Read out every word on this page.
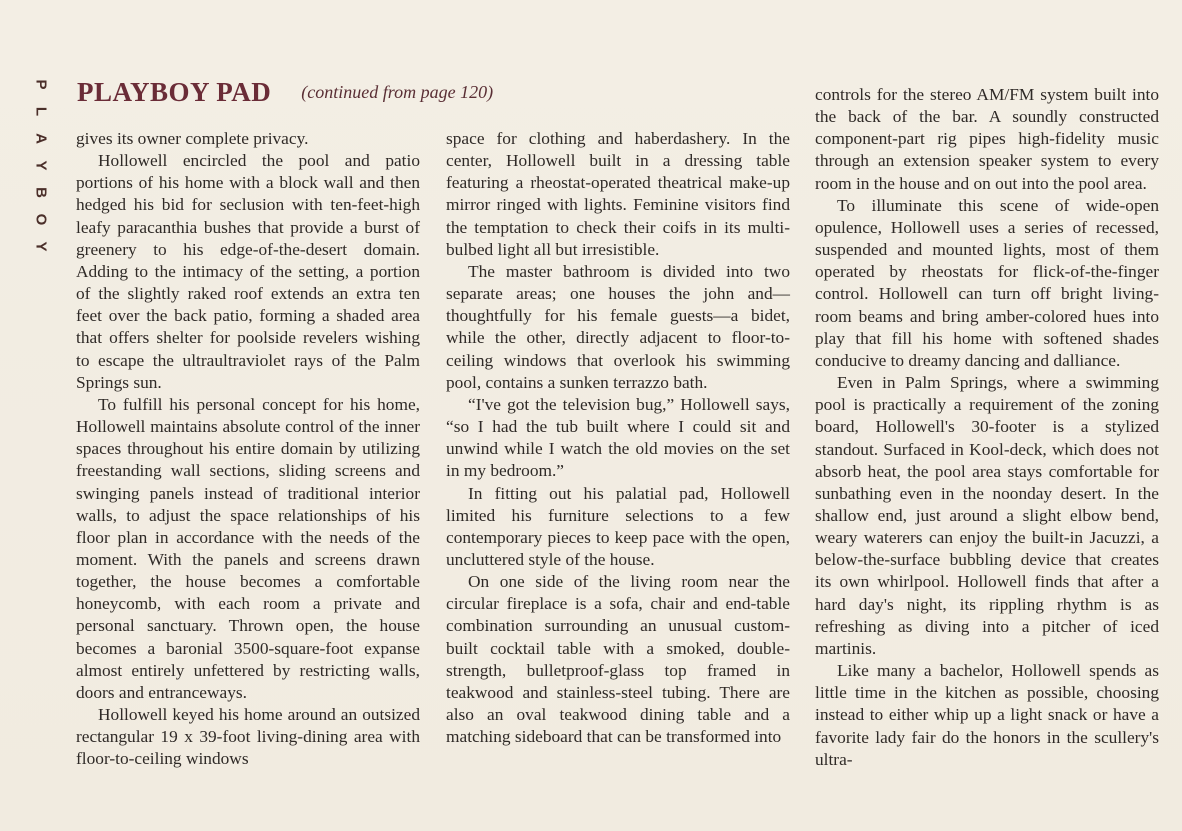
P
L
A
Y
B
O
Y
PLAYBOY PAD (continued from page 120)

gives its owner complete privacy.

Hollowell encircled the pool and patio portions of his home with a block wall and then hedged his bid for seclusion with ten-feet-high leafy paracanthia bushes that provide a burst of greenery to his edge-of-the-desert domain. Adding to the intimacy of the setting, a portion of the slightly raked roof extends an extra ten feet over the back patio, forming a shaded area that offers shelter for poolside revelers wishing to escape the ultraultraviolet rays of the Palm Springs sun.

To fulfill his personal concept for his home, Hollowell maintains absolute control of the inner spaces throughout his entire domain by utilizing freestanding wall sections, sliding screens and swinging panels instead of traditional interior walls, to adjust the space relationships of his floor plan in accordance with the needs of the moment. With the panels and screens drawn together, the house becomes a comfortable honeycomb, with each room a private and personal sanctuary. Thrown open, the house becomes a baronial 3500-square-foot expanse almost entirely unfettered by restricting walls, doors and entranceways.

Hollowell keyed his home around an outsized rectangular 19 x 39-foot living-dining area with floor-to-ceiling windows

space for clothing and haberdashery. In the center, Hollowell built in a dressing table featuring a rheostat-operated theatrical make-up mirror ringed with lights. Feminine visitors find the temptation to check their coifs in its multi-bulbed light all but irresistible.

The master bathroom is divided into two separate areas; one houses the john and—thoughtfully for his female guests—a bidet, while the other, directly adjacent to floor-to-ceiling windows that overlook his swimming pool, contains a sunken terrazzo bath.

“I've got the television bug,” Hollowell says, “so I had the tub built where I could sit and unwind while I watch the old movies on the set in my bedroom.”

In fitting out his palatial pad, Hollowell limited his furniture selections to a few contemporary pieces to keep pace with the open, uncluttered style of the house.

On one side of the living room near the circular fireplace is a sofa, chair and end-table combination surrounding an unusual custom-built cocktail table with a smoked, double-strength, bulletproof-glass top framed in teakwood and stainless-steel tubing. There are also an oval teakwood dining table and a matching sideboard that can be transformed into

controls for the stereo AM/FM system built into the back of the bar. A soundly constructed component-part rig pipes high-fidelity music through an extension speaker system to every room in the house and on out into the pool area.

To illuminate this scene of wide-open opulence, Hollowell uses a series of recessed, suspended and mounted lights, most of them operated by rheostats for flick-of-the-finger control. Hollowell can turn off bright living-room beams and bring amber-colored hues into play that fill his home with softened shades conducive to dreamy dancing and dalliance.

Even in Palm Springs, where a swimming pool is practically a requirement of the zoning board, Hollowell's 30-footer is a stylized standout. Surfaced in Kool-deck, which does not absorb heat, the pool area stays comfortable for sunbathing even in the noonday desert. In the shallow end, just around a slight elbow bend, weary waterers can enjoy the built-in Jacuzzi, a below-the-surface bubbling device that creates its own whirlpool. Hollowell finds that after a hard day's night, its rippling rhythm is as refreshing as diving into a pitcher of iced martinis.

Like many a bachelor, Hollowell spends as little time in the kitchen as possible, choosing instead to either whip up a light snack or have a favorite lady fair do the honors in the scullery's ultra-
